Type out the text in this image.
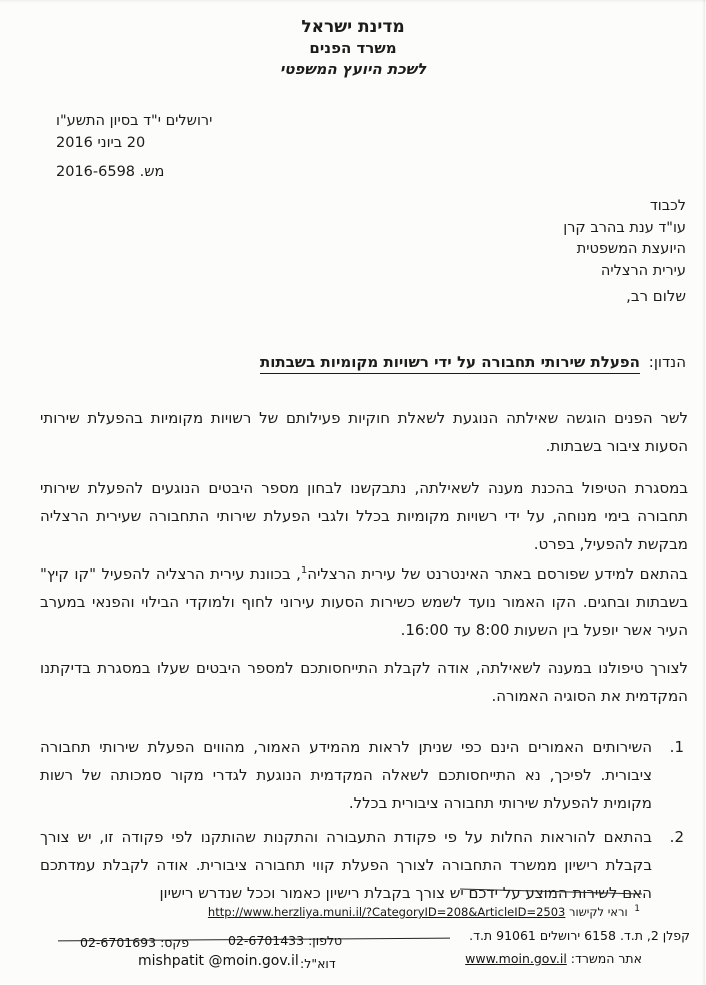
מדינת ישראל
משרד הפנים
לשכת היועץ המשפטי
ירושלים י"ד בסיון התשע"ו
20 ביוני 2016
מש. 2016-6598
לכבוד
עו"ד ענת בהרב קרן
היועצת המשפטית
עירית הרצליה
שלום רב,
הנדון: הפעלת שירותי תחבורה על ידי רשויות מקומיות בשבתות

לשר הפנים הוגשה שאילתה הנוגעת לשאלת חוקיות פעילותם של רשויות מקומיות בהפעלת שירותי הסעות ציבור בשבתות.

במסגרת הטיפול בהכנת מענה לשאילתה, נתבקשנו לבחון מספר היבטים הנוגעים להפעלת שירותי תחבורה בימי מנוחה, על ידי רשויות מקומיות בכלל ולגבי הפעלת שירותי התחבורה שעירית הרצליה מבקשת להפעיל, בפרט.

בהתאם למידע שפורסם באתר האינטרנט של עירית הרצליה$^1$, בכוונת עירית הרצליה להפעיל "קו קיץ" בשבתות ובחגים. הקו האמור נועד לשמש כשירות הסעות עירוני לחוף ולמוקדי הבילוי והפנאי במערב העיר אשר יופעל בין השעות 8:00 עד 16:00.

לצורך טיפולנו במענה לשאילתה, אודה לקבלת התייחסותכם למספר היבטים שעלו במסגרת בדיקתנו המקדמית את הסוגיה האמורה.

1.
השירותים האמורים הינם כפי שניתן לראות מהמידע האמור, מהווים הפעלת שירותי תחבורה ציבורית. לפיכך, נא התייחסותכם לשאלה המקדמית הנוגעת לגדרי מקור סמכותה של רשות מקומית להפעלת שירותי תחבורה ציבורית בכלל.
2.
בהתאם להוראות החלות על פי פקודת התעבורה והתקנות שהותקנו לפי פקודה זו, יש צורך בקבלת רישיון ממשרד התחבורה לצורך הפעלת קווי תחבורה ציבורית. אודה לקבלת עמדתכם האם לשירות המוצע על ידכם יש צורך בקבלת רישיון כאמור וככל שנדרש רישיון
$^1$ וראי לקישור http://www.herzliya.muni.il/?CategoryID=208&ArticleID=2503
קפלן 2, ת.ד. 6158 ירושלים 91061 ת.ד.
אתר המשרד: www.moin.gov.il
טלפון: 02-6701433
פקס: 02-6701693
דוא"ל:
mishpatit @moin.gov.il
